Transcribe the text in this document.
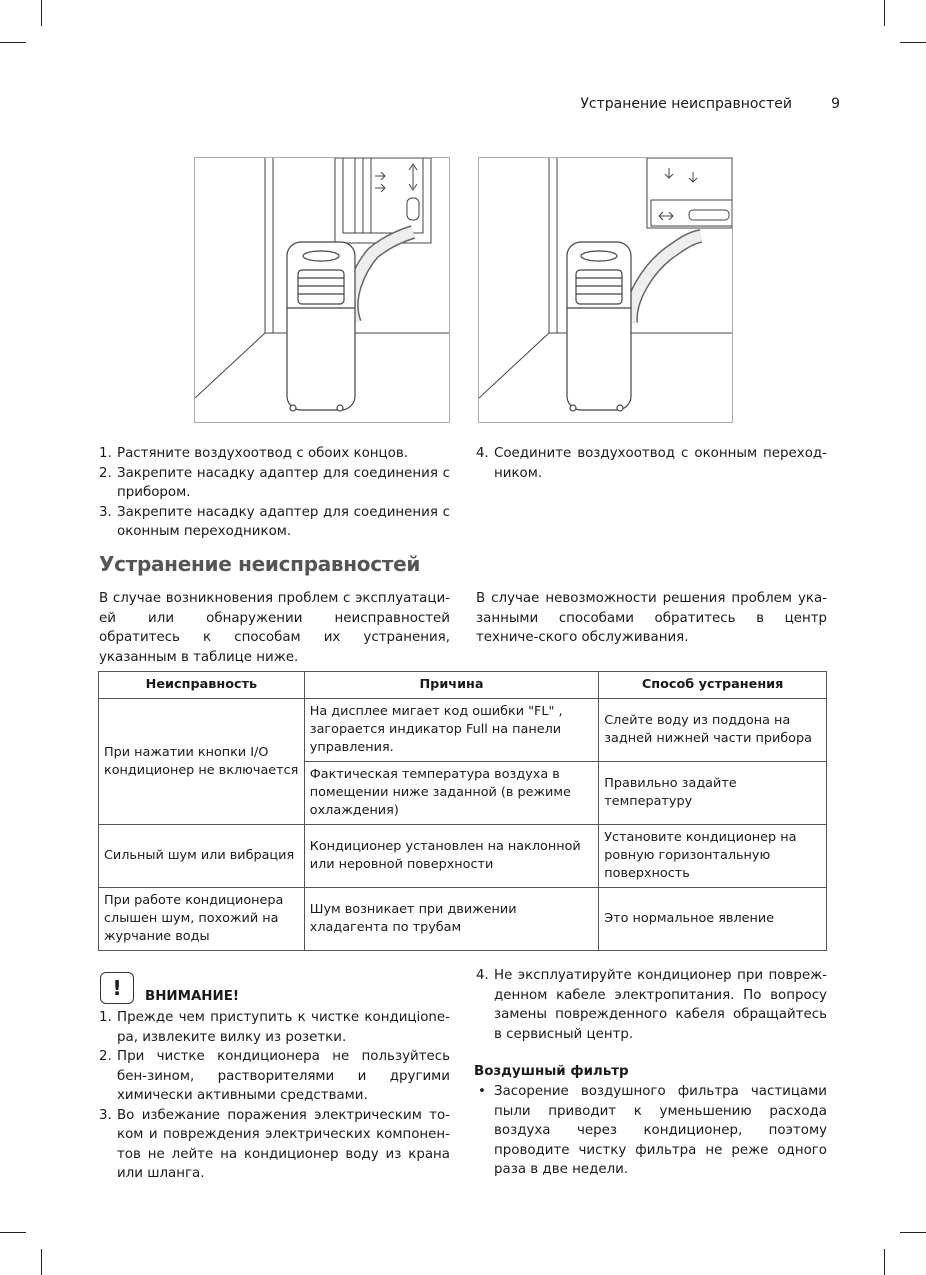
Устранение неисправностей	9
1. Растяните воздухоотвод с обоих концов.
2. Закрепите насадку адаптер для соединения с прибором.
3. Закрепите насадку адаптер для соединения с оконным переходником.
4. Соедините воздухоотвод с оконным переход-ником.
Устранение неисправностей
В случае возникновения проблем с эксплуатаци-ей или обнаружении неисправностей обратитесь к способам их устранения, указанным в таблице ниже.
В случае невозможности решения проблем ука-занными способами обратитесь в центр техниче-ского обслуживания.
Неисправность	Причина	Способ устранения
При нажатии кнопки I/O кондиционер не включается	На дисплее мигает код ошибки "FL" , загорается индикатор Full на панели управления.	Слейте воду из поддона на задней нижней части прибора
	Фактическая температура воздуха в помещении ниже заданной (в режиме охлаждения)	Правильно задайте температуру
Сильный шум или вибрация	Кондиционер установлен на наклонной или неровной поверхности	Установите кондиционер на ровную горизонтальную поверхность
При работе кондиционера слышен шум, похожий на журчание воды	Шум возникает при движении хладагента по трубам	Это нормальное явление
!	ВНИМАНИЕ!
1. Прежде чем приступить к чистке кондицione-ра, извлеките вилку из розетки.
2. При чистке кондиционера не пользуйтесь бен-зином, растворителями и другими химически активными средствами.
3. Во избежание поражения электрическим то-ком и повреждения электрических компонен-тов не лейте на кондиционер воду из крана или шланга.
4. Не эксплуатируйте кондиционер при повреж-денном кабеле электропитания. По вопросу замены поврежденного кабеля обращайтесь в сервисный центр.
Воздушный фильтр
• Засорение воздушного фильтра частицами пыли приводит к уменьшению расхода воздуха через кондиционер, поэтому проводите чистку фильтра не реже одного раза в две недели.
